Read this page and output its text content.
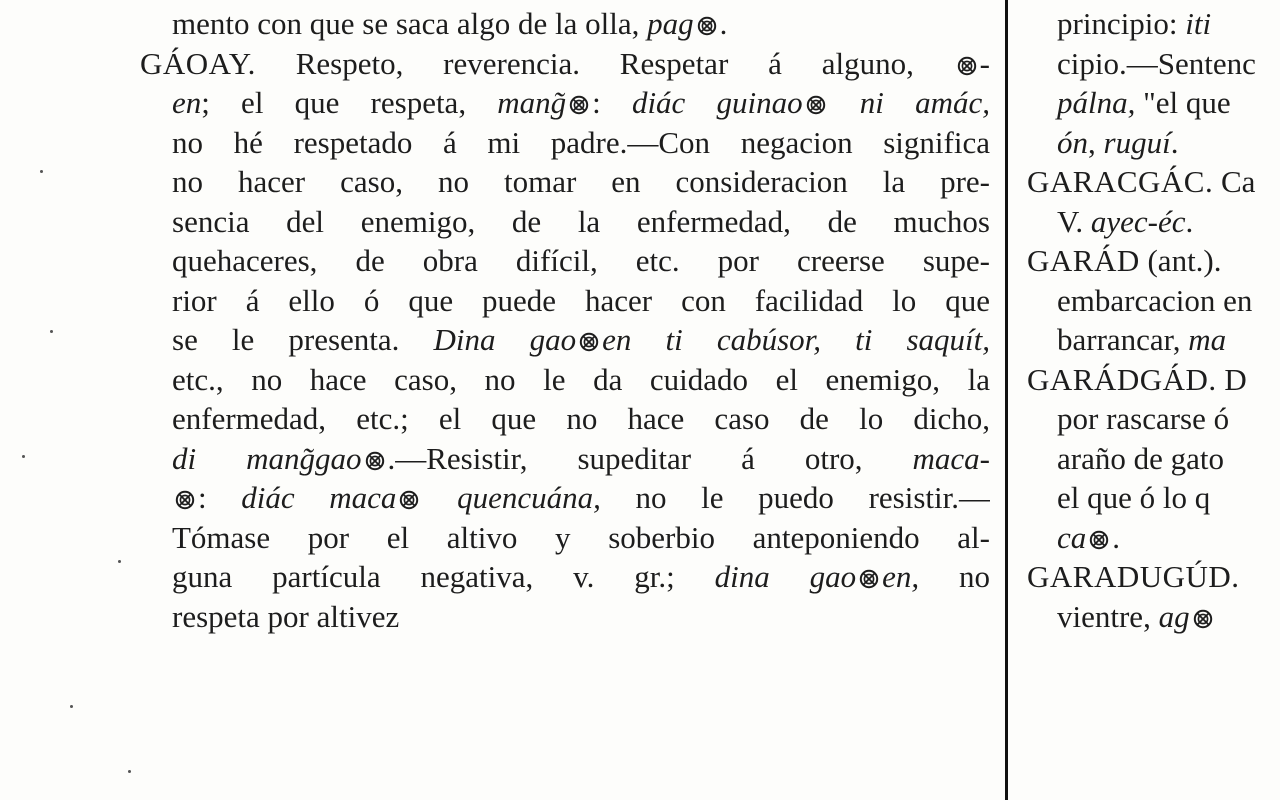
mento con que se saca algo de la olla, pag .
GÁOAY. Respeto, reverencia. Respetar á alguno, -
en; el que respeta, mang͂ : diác guinao ni amác,
no hé respetado á mi padre.—Con negacion significa
no hacer caso, no tomar en consideracion la pre-
sencia del enemigo, de la enfermedad, de muchos
quehaceres, de obra difícil, etc. por creerse supe-
rior á ello ó que puede hacer con facilidad lo que
se le presenta. Dina gao en ti cabúsor, ti saquít,
etc., no hace caso, no le da cuidado el enemigo, la
enfermedad, etc.; el que no hace caso de lo dicho,
di mang͂gao .—Resistir, supeditar á otro, maca-
: diác maca quencuána, no le puedo resistir.—
Tómase por el altivo y soberbio anteponiendo al-
guna partícula negativa, v. gr.; dina gao en, no
respeta por altivez
principio: iti
cipio.—Sentenc
pálna, "el que
ón, ruguí.
GARACGÁC. Ca
V. ayec-éc.
GARÁD (ant.).
embarcacion en
barrancar, ma
GARÁDGÁD. D
por rascarse ó
araño de gato
el que ó lo q
ca .
GARADUGÚD.
vientre, ag
